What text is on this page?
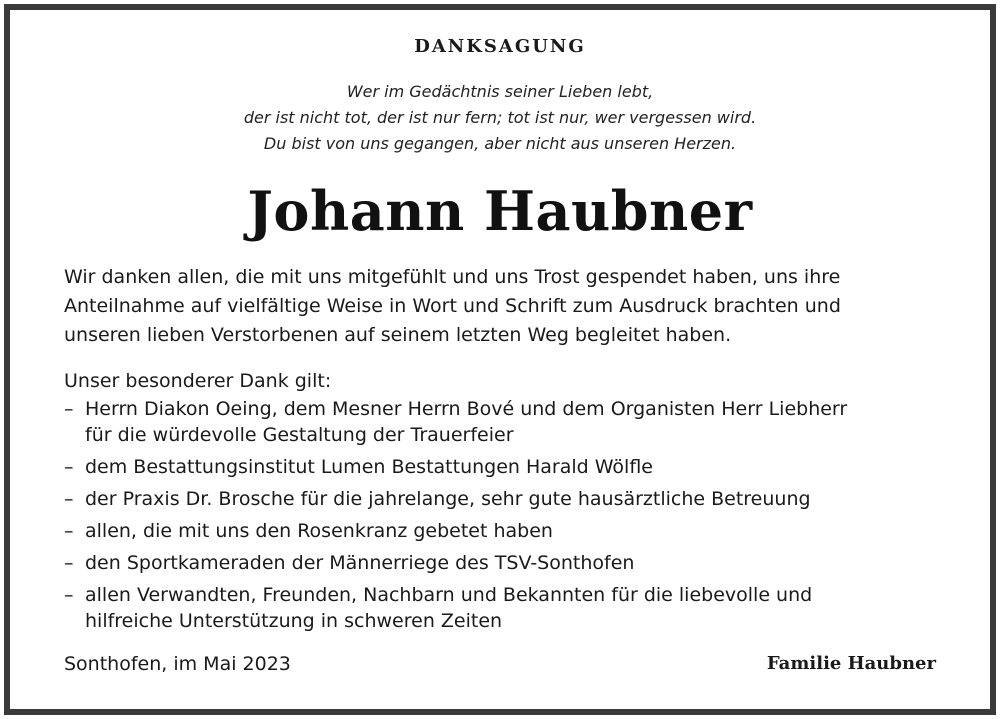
DANKSAGUNG
Wer im Gedächtnis seiner Lieben lebt,
der ist nicht tot, der ist nur fern; tot ist nur, wer vergessen wird.
Du bist von uns gegangen, aber nicht aus unseren Herzen.
Johann Haubner
Wir danken allen, die mit uns mitgefühlt und uns Trost gespendet haben, uns ihre
Anteilnahme auf vielfältige Weise in Wort und Schrift zum Ausdruck brachten und
unseren lieben Verstorbenen auf seinem letzten Weg begleitet haben.
Unser besonderer Dank gilt:
– Herrn Diakon Oeing, dem Mesner Herrn Bové und dem Organisten Herr Liebherr
für die würdevolle Gestaltung der Trauerfeier
– dem Bestattungsinstitut Lumen Bestattungen Harald Wölfle
– der Praxis Dr. Brosche für die jahrelange, sehr gute hausärztliche Betreuung
– allen, die mit uns den Rosenkranz gebetet haben
– den Sportkameraden der Männerriege des TSV-Sonthofen
– allen Verwandten, Freunden, Nachbarn und Bekannten für die liebevolle und
hilfreiche Unterstützung in schweren Zeiten
Sonthofen, im Mai 2023	Familie Haubner
